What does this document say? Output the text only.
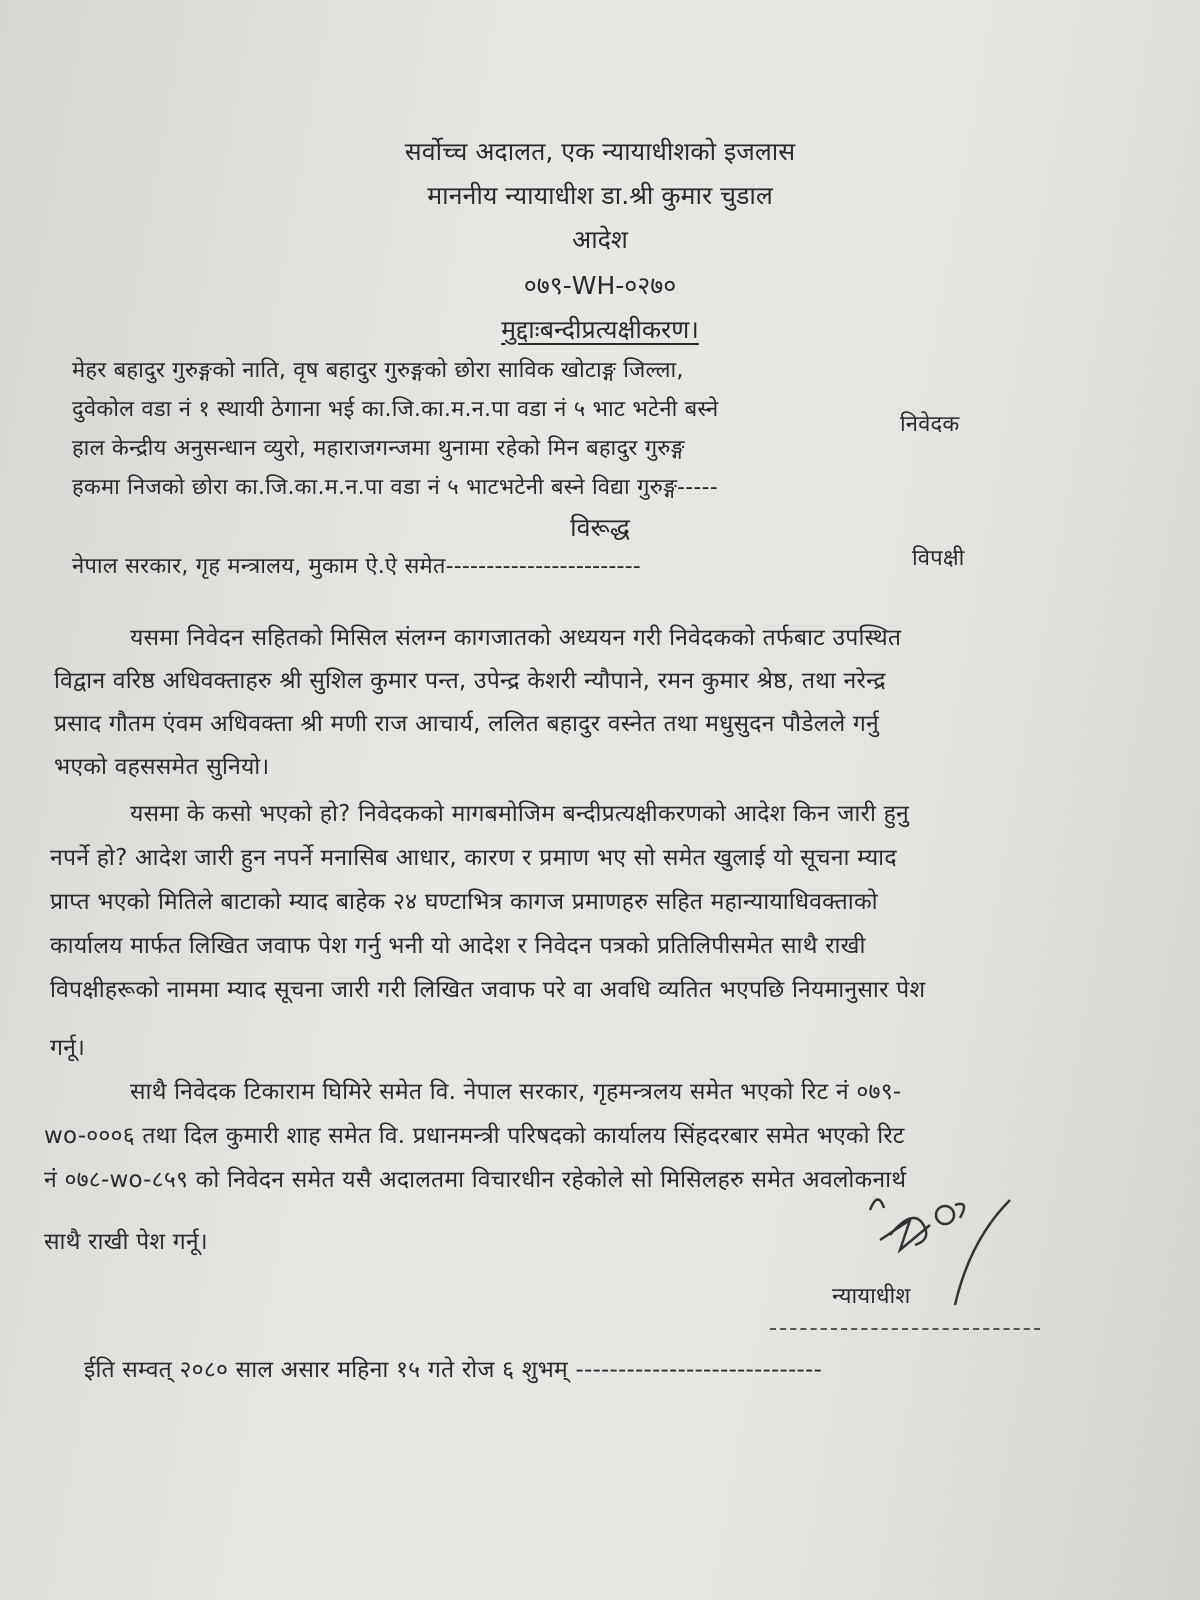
सर्वोच्च अदालत, एक न्यायाधीशको इजलास
माननीय न्यायाधीश डा.श्री कुमार चुडाल
आदेश
०७९-WH-०२७०
मुद्दाःबन्दीप्रत्यक्षीकरण।
मेहर बहादुर गुरुङ्गको नाति, वृष बहादुर गुरुङ्गको छोरा साविक खोटाङ्ग जिल्ला,
दुवेकोल वडा नं १ स्थायी ठेगाना भई का.जि.का.म.न.पा वडा नं ५ भाट भटेनी बस्ने
हाल केन्द्रीय अनुसन्धान व्युरो, महाराजगन्जमा थुनामा रहेको मिन बहादुर गुरुङ्ग
हकमा निजको छोरा का.जि.का.म.न.पा वडा नं ५ भाटभटेनी बस्ने विद्या गुरुङ्ग-----
निवेदक
विरूद्ध
नेपाल सरकार, गृह मन्त्रालय, मुकाम ऐ.ऐ समेत------------------------	विपक्षी
यसमा निवेदन सहितको मिसिल संलग्न कागजातको अध्ययन गरी निवेदकको तर्फबाट उपस्थित
विद्वान वरिष्ठ अधिवक्ताहरु श्री सुशिल कुमार पन्त, उपेन्द्र केशरी न्यौपाने, रमन कुमार श्रेष्ठ, तथा नरेन्द्र
प्रसाद गौतम एंवम अधिवक्ता श्री मणी राज आचार्य, ललित बहादुर वस्नेत तथा मधुसुदन पौडेलले गर्नु
भएको वहससमेत सुनियो।
यसमा के कसो भएको हो? निवेदकको मागबमोजिम बन्दीप्रत्यक्षीकरणको आदेश किन जारी हुनु
नपर्ने हो? आदेश जारी हुन नपर्ने मनासिब आधार, कारण र प्रमाण भए सो समेत खुलाई यो सूचना म्याद
प्राप्त भएको मितिले बाटाको म्याद बाहेक २४ घण्टाभित्र कागज प्रमाणहरु सहित महान्यायाधिवक्ताको
कार्यालय मार्फत लिखित जवाफ पेश गर्नु भनी यो आदेश र निवेदन पत्रको प्रतिलिपीसमेत साथै राखी
विपक्षीहरूको नाममा म्याद सूचना जारी गरी लिखित जवाफ परे वा अवधि व्यतित भएपछि नियमानुसार पेश
गर्नू।
साथै निवेदक टिकाराम घिमिरे समेत वि. नेपाल सरकार, गृहमन्त्रलय समेत भएको रिट नं ०७९-
wo-०००६ तथा दिल कुमारी शाह समेत वि. प्रधानमन्त्री परिषदको कार्यालय सिंहदरबार समेत भएको रिट
नं ०७८-wo-८५९ को निवेदन समेत यसै अदालतमा विचारधीन रहेकोले सो मिसिलहरु समेत अवलोकनार्थ
साथै राखी पेश गर्नू।
न्यायाधीश
ईति सम्वत् २०८० साल असार महिना १५ गते रोज ६ शुभम् -----------------------------
